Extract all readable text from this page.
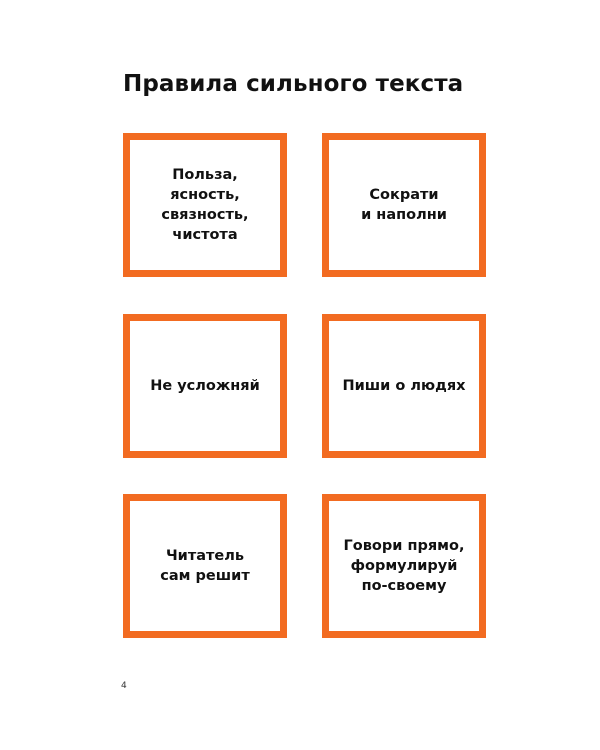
Правила сильного текста
Польза,
ясность,
связность,
чистота
Сократи
и наполни
Не усложняй	Пиши о людях
Читатель
сам решит
Говори прямо,
формулируй
по-своему
4
